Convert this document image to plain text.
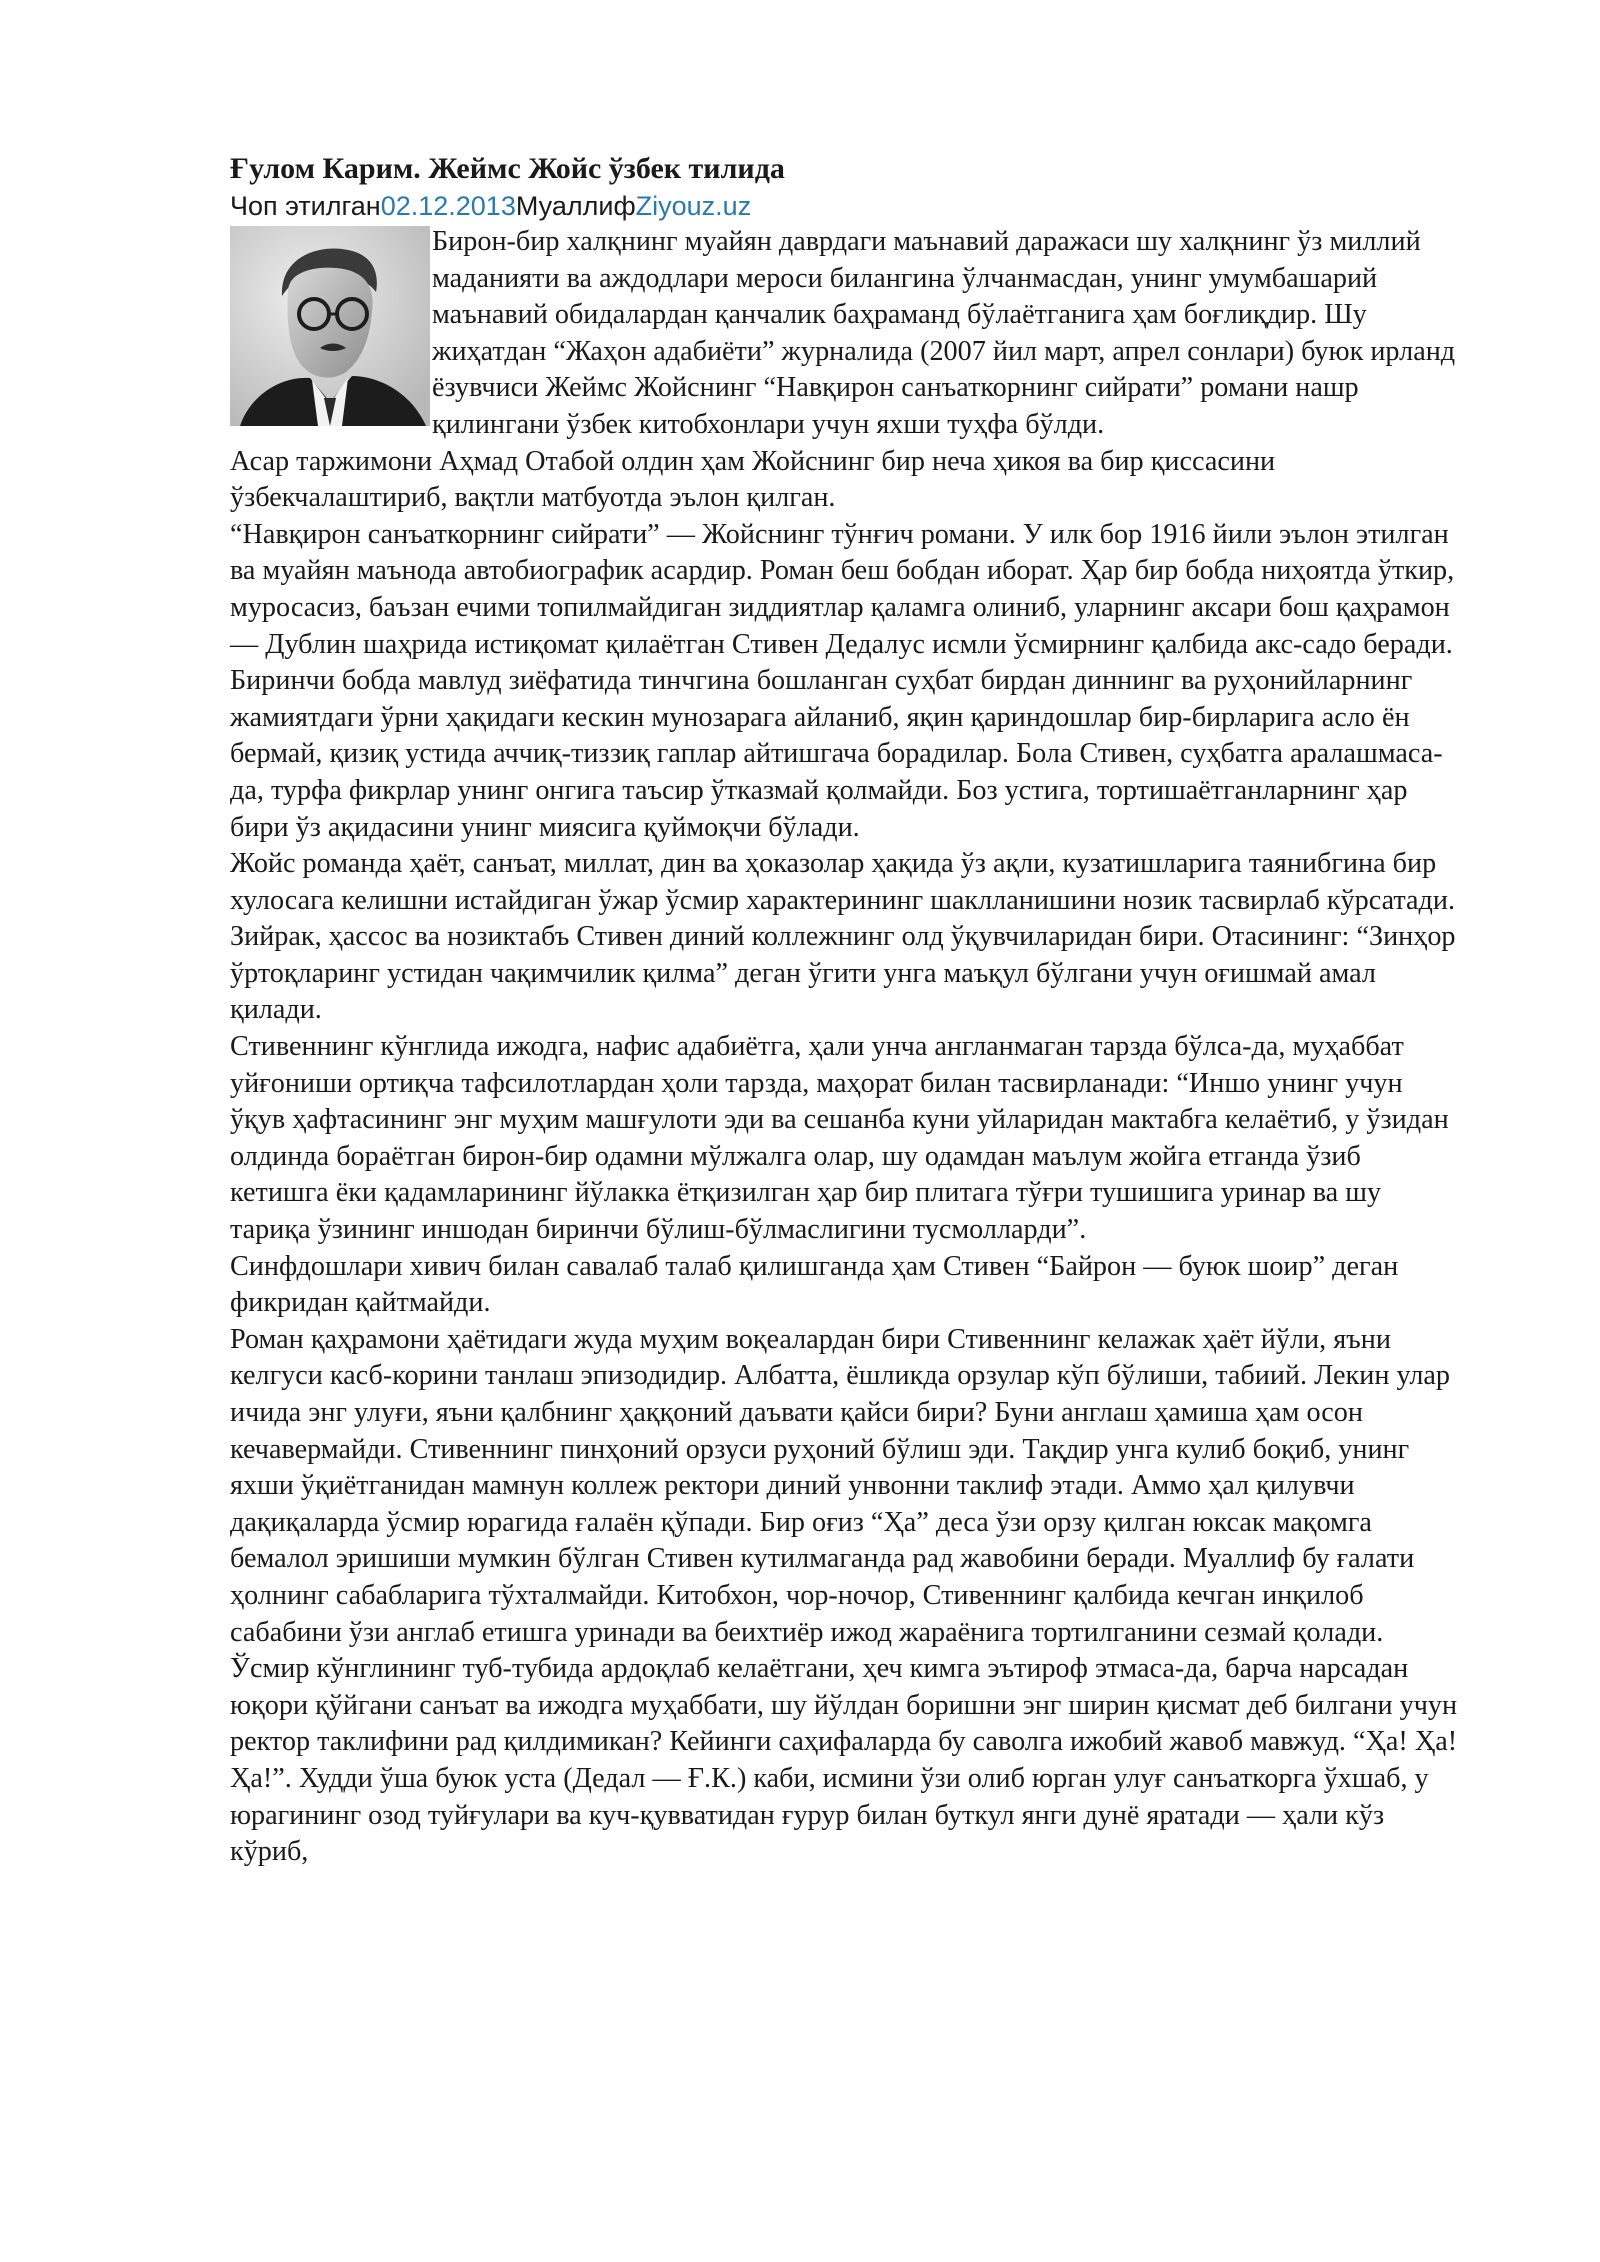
Ғулом Карим. Жеймс Жойс ўзбек тилида

Чоп этилган02.12.2013МуаллифZiyouz.uz

Бирон-бир халқнинг муайян даврдаги маънавий даражаси шу халқнинг ўз миллий маданияти ва аждодлари мероси билангина ўлчанмасдан, унинг умумбашарий маънавий обидалардан қанчалик баҳраманд бўлаётганига ҳам боғлиқдир. Шу жиҳатдан “Жаҳон адабиёти” журналида (2007 йил март, апрел сонлари) буюк ирланд ёзувчиси Жеймс Жойснинг “Навқирон санъаткорнинг сийрати” романи нашр қилингани ўзбек китобхонлари учун яхши туҳфа бўлди.

Асар таржимони Аҳмад Отабой олдин ҳам Жойснинг бир неча ҳикоя ва бир қиссасини ўзбекчалаштириб, вақтли матбуотда эълон қилган.

“Навқирон санъаткорнинг сийрати” — Жойснинг тўнғич романи. У илк бор 1916 йили эълон этилган ва муайян маънода автобиографик асардир. Роман беш бобдан иборат. Ҳар бир бобда ниҳоятда ўткир, муросасиз, баъзан ечими топилмайдиган зиддиятлар қаламга олиниб, уларнинг аксари бош қаҳрамон — Дублин шаҳрида истиқомат қилаётган Стивен Дедалус исмли ўсмирнинг қалбида акс-садо беради.

Биринчи бобда мавлуд зиёфатида тинчгина бошланган суҳбат бирдан диннинг ва руҳонийларнинг жамиятдаги ўрни ҳақидаги кескин мунозарага айланиб, яқин қариндошлар бир-бирларига асло ён бермай, қизиқ устида аччиқ-тиззиқ гаплар айтишгача борадилар. Бола Стивен, суҳбатга аралашмаса-да, турфа фикрлар унинг онгига таъсир ўтказмай қолмайди. Боз устига, тортишаётганларнинг ҳар бири ўз ақидасини унинг миясига қуймоқчи бўлади.

Жойс романда ҳаёт, санъат, миллат, дин ва ҳоказолар ҳақида ўз ақли, кузатишларига таянибгина бир хулосага келишни истайдиган ўжар ўсмир характерининг шаклланишини нозик тасвирлаб кўрсатади. Зийрак, ҳассос ва нозиктабъ Стивен диний коллежнинг олд ўқувчиларидан бири. Отасининг: “Зинҳор ўртоқларинг устидан чақимчилик қилма” деган ўгити унга маъқул бўлгани учун оғишмай амал қилади.

Стивеннинг кўнглида ижодга, нафис адабиётга, ҳали унча англанмаган тарзда бўлса-да, муҳаббат уйғониши ортиқча тафсилотлардан ҳоли тарзда, маҳорат билан тасвирланади: “Иншо унинг учун ўқув ҳафтасининг энг муҳим машғулоти эди ва сешанба куни уйларидан мактабга келаётиб, у ўзидан олдинда бораётган бирон-бир одамни мўлжалга олар, шу одамдан маълум жойга етганда ўзиб кетишга ёки қадамларининг йўлакка ётқизилган ҳар бир плитага тўғри тушишига уринар ва шу тариқа ўзининг иншодан биринчи бўлиш-бўлмаслигини тусмолларди”.

Синфдошлари хивич билан савалаб талаб қилишганда ҳам Стивен “Байрон — буюк шоир” деган фикридан қайтмайди.

Роман қаҳрамони ҳаётидаги жуда муҳим воқеалардан бири Стивеннинг келажак ҳаёт йўли, яъни келгуси касб-корини танлаш эпизодидир. Албатта, ёшликда орзулар кўп бўлиши, табиий. Лекин улар ичида энг улуғи, яъни қалбнинг ҳаққоний даъвати қайси бири? Буни англаш ҳамиша ҳам осон кечавермайди. Стивеннинг пинҳоний орзуси руҳоний бўлиш эди. Тақдир унга кулиб боқиб, унинг яхши ўқиётганидан мамнун коллеж ректори диний унвонни таклиф этади. Аммо ҳал қилувчи дақиқаларда ўсмир юрагида ғалаён қўпади. Бир оғиз “Ҳа” деса ўзи орзу қилган юксак мақомга бемалол эришиши мумкин бўлган Стивен кутилмаганда рад жавобини беради. Муаллиф бу ғалати ҳолнинг сабабларига тўхталмайди. Китобхон, чор-ночор, Стивеннинг қалбида кечган инқилоб сабабини ўзи англаб етишга уринади ва беихтиёр ижод жараёнига тортилганини сезмай қолади. Ўсмир кўнглининг туб-тубида ардоқлаб келаётгани, ҳеч кимга эътироф этмаса-да, барча нарсадан юқори қўйгани санъат ва ижодга муҳаббати, шу йўлдан боришни энг ширин қисмат деб билгани учун ректор таклифини рад қилдимикан? Кейинги саҳифаларда бу саволга ижобий жавоб мавжуд. “Ҳа! Ҳа! Ҳа!”. Худди ўша буюк уста (Дедал — Ғ.К.) каби, исмини ўзи олиб юрган улуғ санъаткорга ўхшаб, у юрагининг озод туйғулари ва куч-қувватидан ғурур билан буткул янги дунё яратади — ҳали кўз кўриб,
